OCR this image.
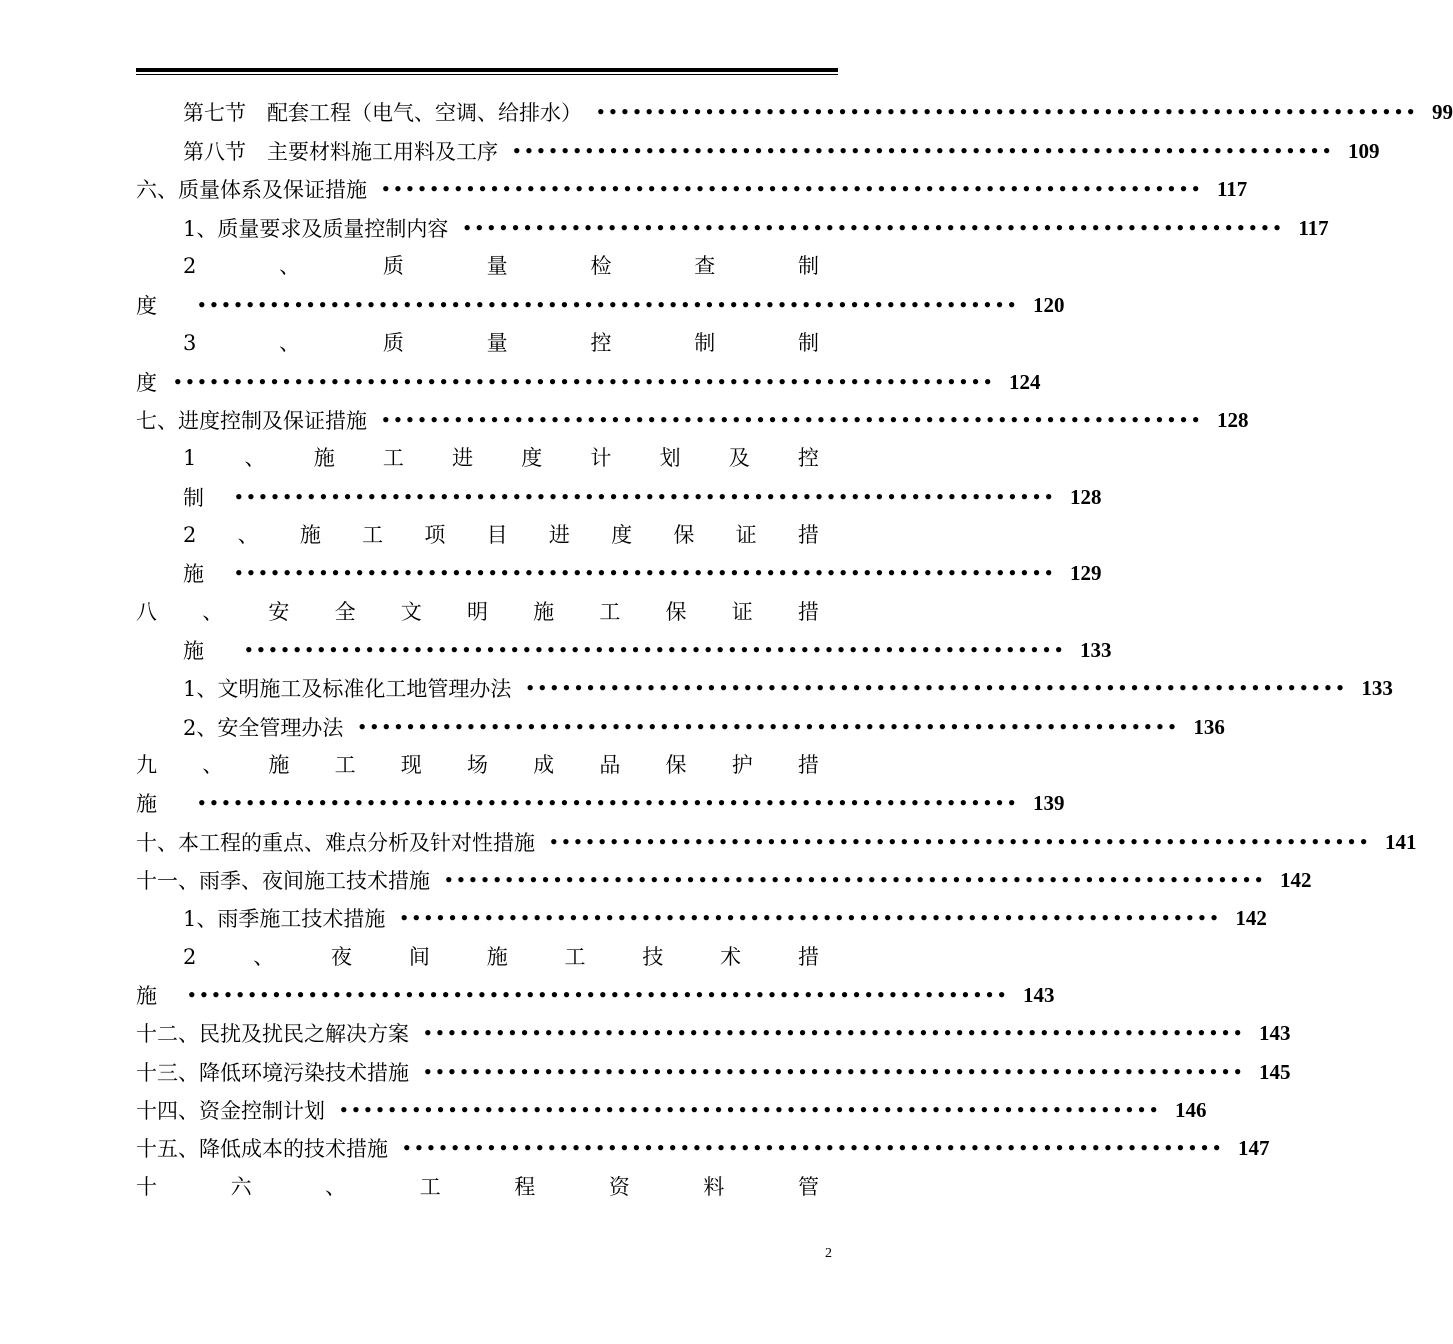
第七节　配套工程（电气、空调、给排水） •••••••••••••••••••••••••••••••••••••••••••••••••••••••••••••••••••• 99
第八节　主要材料施工用料及工序 •••••••••••••••••••••••••••••••••••••••••••••••••••••••••••••••••••• 109
六、质量体系及保证措施 •••••••••••••••••••••••••••••••••••••••••••••••••••••••••••••••••••• 117
1、质量要求及质量控制内容 •••••••••••••••••••••••••••••••••••••••••••••••••••••••••••••••••••• 117
2	、	质	量	检	查	制
度	•••••••••••••••••••••••••••••••••••••••••••••••••••••••••••••••••••• 120
3	、	质	量	控	制	制
度 •••••••••••••••••••••••••••••••••••••••••••••••••••••••••••••••••••• 124
七、进度控制及保证措施 •••••••••••••••••••••••••••••••••••••••••••••••••••••••••••••••••••• 128
1 、 施 工 进 度 计 划 及 控
制 •••••••••••••••••••••••••••••••••••••••••••••••••••••••••••••••••••• 128
2 、 施 工 项 目 进 度 保 证 措
施 •••••••••••••••••••••••••••••••••••••••••••••••••••••••••••••••••••• 129
八 、 安 全 文 明 施 工 保 证 措
施	•••••••••••••••••••••••••••••••••••••••••••••••••••••••••••••••••••• 133
1、文明施工及标准化工地管理办法 •••••••••••••••••••••••••••••••••••••••••••••••••••••••••••••••••••• 133
2、安全管理办法 •••••••••••••••••••••••••••••••••••••••••••••••••••••••••••••••••••• 136
九 、 施 工 现 场 成 品 保 护 措
施	•••••••••••••••••••••••••••••••••••••••••••••••••••••••••••••••••••• 139
十、本工程的重点、难点分析及针对性措施 •••••••••••••••••••••••••••••••••••••••••••••••••••••••••••••••••••• 141
十一、雨季、夜间施工技术措施 •••••••••••••••••••••••••••••••••••••••••••••••••••••••••••••••••••• 142
1、雨季施工技术措施 •••••••••••••••••••••••••••••••••••••••••••••••••••••••••••••••••••• 142
2	、	夜	间	施	工	技	术	措
施 •••••••••••••••••••••••••••••••••••••••••••••••••••••••••••••••••••• 143
十二、民扰及扰民之解决方案 •••••••••••••••••••••••••••••••••••••••••••••••••••••••••••••••••••• 143
十三、降低环境污染技术措施 •••••••••••••••••••••••••••••••••••••••••••••••••••••••••••••••••••• 145
十四、资金控制计划 •••••••••••••••••••••••••••••••••••••••••••••••••••••••••••••••••••• 146
十五、降低成本的技术措施 •••••••••••••••••••••••••••••••••••••••••••••••••••••••••••••••••••• 147
十	六	、	工	程	资	料	管
2
